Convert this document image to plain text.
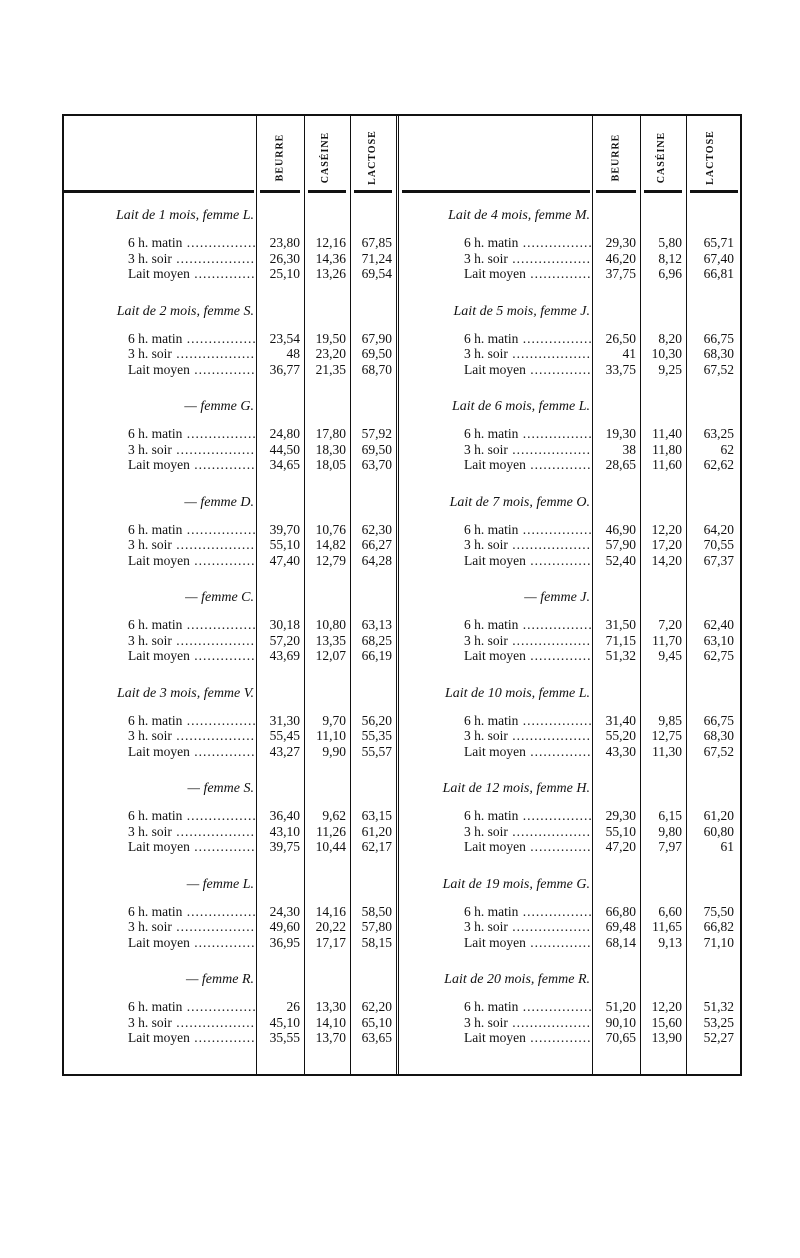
BEURRE	CASÉINE	LACTOSE	BEURRE	CASÉINE	LACTOSE
Lait de 1 mois, femme L.
6 h. matin .....	23,80	12,16	67,85
3 h. soir .....	26,30	14,36	71,24
Lait moyen .....	25,10	13,26	69,54
Lait de 2 mois, femme S.
6 h. matin .....	23,54	19,50	67,90
3 h. soir .....	48	23,20	69,50
Lait moyen .....	36,77	21,35	68,70
— femme G.
6 h. matin .....	24,80	17,80	57,92
3 h. soir .....	44,50	18,30	69,50
Lait moyen .....	34,65	18,05	63,70
— femme D.
6 h. matin .....	39,70	10,76	62,30
3 h. soir .....	55,10	14,82	66,27
Lait moyen .....	47,40	12,79	64,28
— femme C.
6 h. matin .....	30,18	10,80	63,13
3 h. soir .....	57,20	13,35	68,25
Lait moyen .....	43,69	12,07	66,19
Lait de 3 mois, femme V.
6 h. matin .....	31,30	9,70	56,20
3 h. soir .....	55,45	11,10	55,35
Lait moyen .....	43,27	9,90	55,57
— femme S.
6 h. matin .....	36,40	9,62	63,15
3 h. soir .....	43,10	11,26	61,20
Lait moyen .....	39,75	10,44	62,17
— femme L.
6 h. matin .....	24,30	14,16	58,50
3 h. soir .....	49,60	20,22	57,80
Lait moyen .....	36,95	17,17	58,15
— femme R.
6 h. matin .....	26	13,30	62,20
3 h. soir .....	45,10	14,10	65,10
Lait moyen .....	35,55	13,70	63,65
Lait de 4 mois, femme M.
6 h. matin .....	29,30	5,80	65,71
3 h. soir .....	46,20	8,12	67,40
Lait moyen .....	37,75	6,96	66,81
Lait de 5 mois, femme J.
6 h. matin .....	26,50	8,20	66,75
3 h. soir .....	41	10,30	68,30
Lait moyen .....	33,75	9,25	67,52
Lait de 6 mois, femme L.
6 h. matin .....	19,30	11,40	63,25
3 h. soir .....	38	11,80	62
Lait moyen .....	28,65	11,60	62,62
Lait de 7 mois, femme O.
6 h. matin .....	46,90	12,20	64,20
3 h. soir .....	57,90	17,20	70,55
Lait moyen .....	52,40	14,20	67,37
— femme J.
6 h. matin .....	31,50	7,20	62,40
3 h. soir .....	71,15	11,70	63,10
Lait moyen .....	51,32	9,45	62,75
Lait de 10 mois, femme L.
6 h. matin .....	31,40	9,85	66,75
3 h. soir .....	55,20	12,75	68,30
Lait moyen .....	43,30	11,30	67,52
Lait de 12 mois, femme H.
6 h. matin .....	29,30	6,15	61,20
3 h. soir .....	55,10	9,80	60,80
Lait moyen .....	47,20	7,97	61
Lait de 19 mois, femme G.
6 h. matin .....	66,80	6,60	75,50
3 h. soir .....	69,48	11,65	66,82
Lait moyen .....	68,14	9,13	71,10
Lait de 20 mois, femme R.
6 h. matin .....	51,20	12,20	51,32
3 h. soir .....	90,10	15,60	53,25
Lait moyen .....	70,65	13,90	52,27
